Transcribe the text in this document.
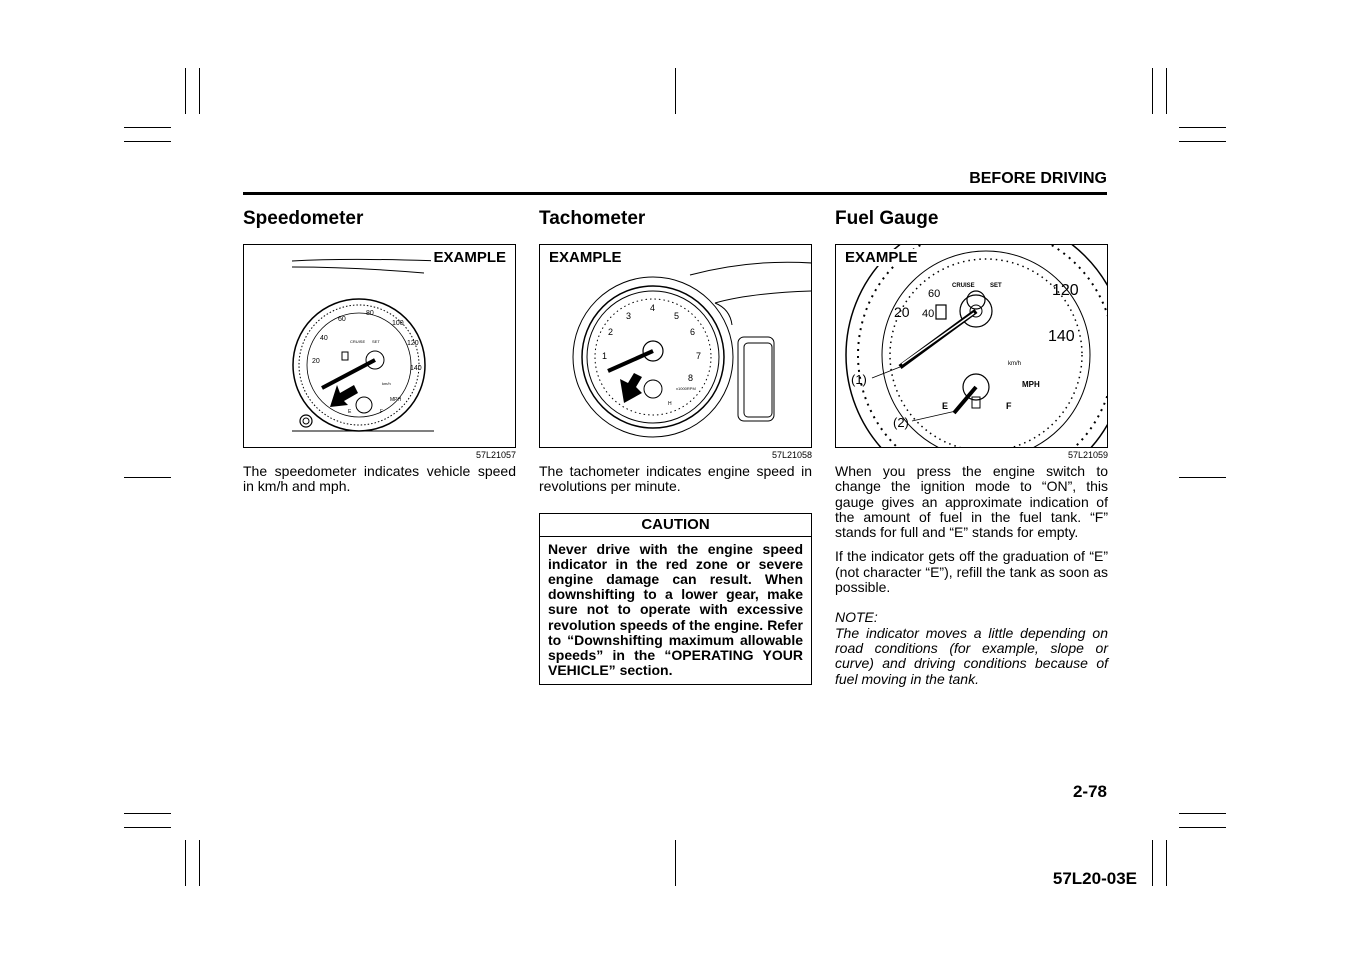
BEFORE DRIVING
Speedometer
20
40
60
80
100
120
140
CRUISE SET
km/h
MPH
E	F
EXAMPLE
57L21057

The speedometer indicates vehicle speed in km/h and mph.

Tachometer
1
2
3
4
5
6
7
8
x1000RPM
H
EXAMPLE
57L21058

The tachometer indicates engine speed in revolutions per minute.

CAUTION
Never drive with the engine speed indicator in the red zone or severe engine damage can result. When downshifting to a lower gear, make sure not to operate with excessive revolution speeds of the engine. Refer to “Downshifting maximum allowable speeds” in the “OPERATING YOUR VEHICLE” section.
Fuel Gauge
20 40
60	120
140
CRUISE	SET
km/h
MPH
E	F
EXAMPLE
(1)
(2)
57L21059

When you press the engine switch to change the ignition mode to “ON”, this gauge gives an approximate indication of the amount of fuel in the fuel tank. “F” stands for full and “E” stands for empty.

If the indicator gets off the graduation of “E” (not character “E”), refill the tank as soon as possible.

NOTE:

The indicator moves a little depending on road conditions (for example, slope or curve) and driving conditions because of fuel moving in the tank.

2-78
57L20-03E
